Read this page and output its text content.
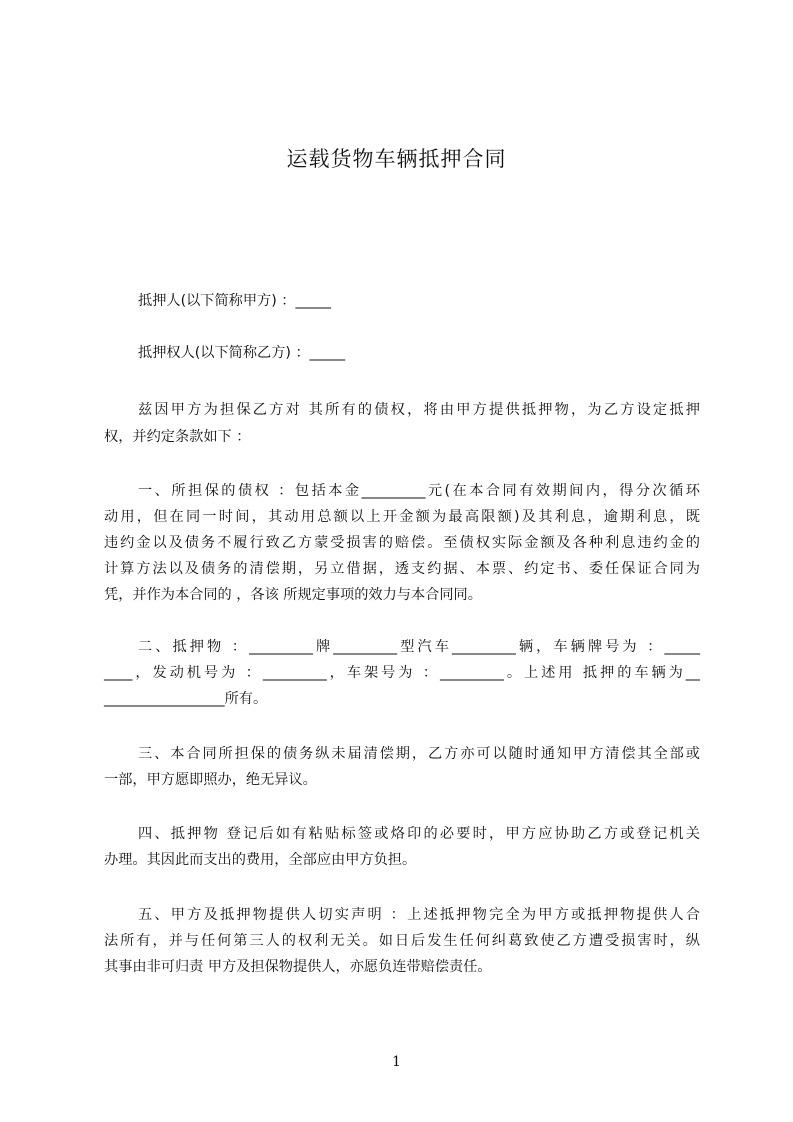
运载货物车辆抵押合同

抵押人(以下简称甲方) ：_____

抵押权人(以下简称乙方) ：_____

兹因甲方为担保乙方对 其所有的债权，将由甲方提供抵押物，为乙方设定抵押

权，并约定条款如下 ：

一、所担保的债权 ：包括本金_________元(在本合同有效期间内，得分次循环

动用，但在同一时间，其动用总额以上开金额为最高限额)及其利息，逾期利息，既

违约金以及债务不履行致乙方蒙受损害的赔偿。至债权实际金额及各种利息违约金的

计算方法以及债务的清偿期，另立借据，透支约据、本票、约定书、委任保证合同为

凭，并作为本合同的 ，各该 所规定事项的效力与本合同同。

二、抵押物 ：_________牌_________型汽车_________辆，车辆牌号为 ：_____

____，发动机号为 ：_________，车架号为 ：_________。上述用 抵押的车辆为__

_________________所有。

三、本合同所担保的债务纵未届清偿期，乙方亦可以随时通知甲方清偿其全部或

一部，甲方愿即照办，绝无异议。

四、抵押物 登记后如有粘贴标签或烙印的必要时，甲方应协助乙方或登记机关

办理。其因此而支出的费用，全部应由甲方负担。

五、甲方及抵押物提供人切实声明 ：上述抵押物完全为甲方或抵押物提供人合

法所有，并与任何第三人的权利无关。如日后发生任何纠葛致使乙方遭受损害时，纵

其事由非可归责 甲方及担保物提供人，亦愿负连带赔偿责任。

1
